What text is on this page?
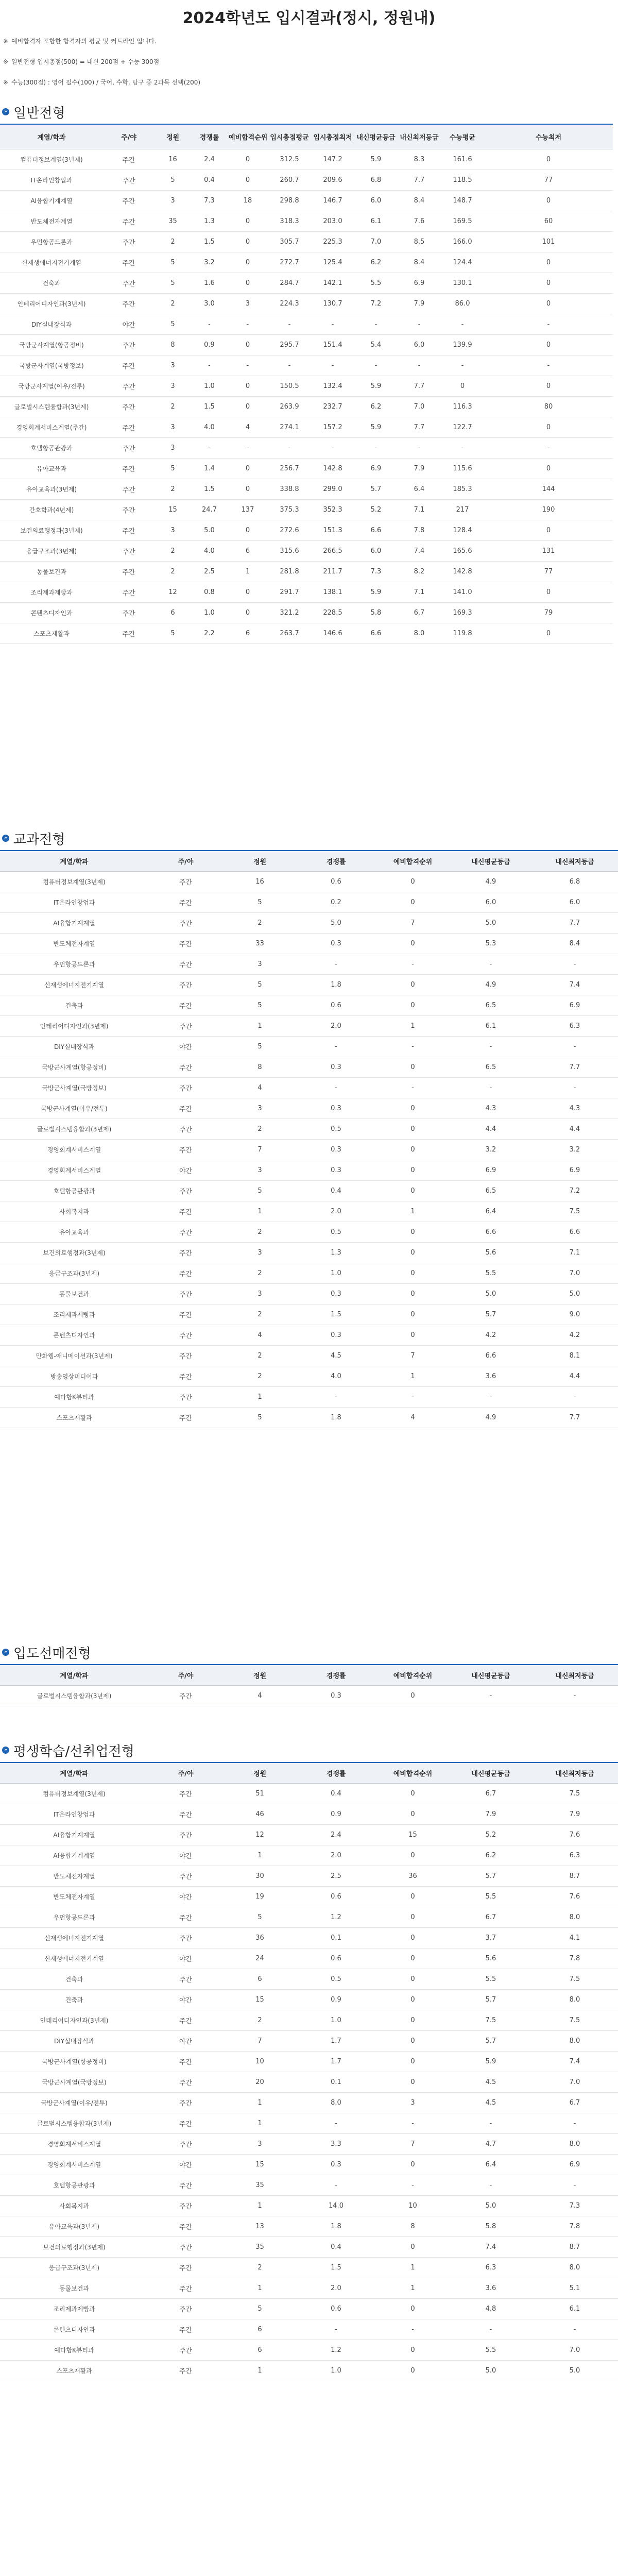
2024학년도 입시결과(정시, 정원내)
※ 예비합격자 포함한 합격자의 평균 및 커트라인 입니다.
※ 일반전형 입시총점(500) = 내신 200점 + 수능 300점
※ 수능(300점) : 영어 필수(100) / 국어, 수학, 탐구 중 2과목 선택(200)
» 일반전형
계열/학과	주/야	정원	경쟁률	예비합격순위	입시총점평균	입시총점최저	내신평균등급	내신최저등급	수능평균	수능최저
컴퓨터정보계열(3년제)	주간	16	2.4	0	312.5	147.2	5.9	8.3	161.6	0
IT온라인창업과	주간	5	0.4	0	260.7	209.6	6.8	7.7	118.5	77
AI융합기계계열	주간	3	7.3	18	298.8	146.7	6.0	8.4	148.7	0
반도체전자계열	주간	35	1.3	0	318.3	203.0	6.1	7.6	169.5	60
우먼항공드론과	주간	2	1.5	0	305.7	225.3	7.0	8.5	166.0	101
신재생에너지전기계열	주간	5	3.2	0	272.7	125.4	6.2	8.4	124.4	0
건축과	주간	5	1.6	0	284.7	142.1	5.5	6.9	130.1	0
인테리어디자인과(3년제)	주간	2	3.0	3	224.3	130.7	7.2	7.9	86.0	0
DIY실내장식과	야간	5	-	-	-	-	-	-	-	-
국방군사계열(항공정비)	주간	8	0.9	0	295.7	151.4	5.4	6.0	139.9	0
국방군사계열(국방정보)	주간	3	-	-	-	-	-	-	-	-
국방군사계열(이우/전투)	주간	3	1.0	0	150.5	132.4	5.9	7.7	0	0
글로벌시스템융합과(3년제)	주간	2	1.5	0	263.9	232.7	6.2	7.0	116.3	80
경영회계서비스계열(주간)	주간	3	4.0	4	274.1	157.2	5.9	7.7	122.7	0
호텔항공관광과	주간	3	-	-	-	-	-	-	-	-
유아교육과	주간	5	1.4	0	256.7	142.8	6.9	7.9	115.6	0
유아교육과(3년제)	주간	2	1.5	0	338.8	299.0	5.7	6.4	185.3	144
간호학과(4년제)	주간	15	24.7	137	375.3	352.3	5.2	7.1	217	190
보건의료행정과(3년제)	주간	3	5.0	0	272.6	151.3	6.6	7.8	128.4	0
응급구조과(3년제)	주간	2	4.0	6	315.6	266.5	6.0	7.4	165.6	131
동물보건과	주간	2	2.5	1	281.8	211.7	7.3	8.2	142.8	77
조리제과제빵과	주간	12	0.8	0	291.7	138.1	5.9	7.1	141.0	0
콘텐츠디자인과	주간	6	1.0	0	321.2	228.5	5.8	6.7	169.3	79
스포츠재활과	주간	5	2.2	6	263.7	146.6	6.6	8.0	119.8	0
» 교과전형
계열/학과	주/야	정원	경쟁률	예비합격순위	내신평균등급	내신최저등급
컴퓨터정보계열(3년제)	주간	16	0.6	0	4.9	6.8
IT온라인창업과	주간	5	0.2	0	6.0	6.0
AI융합기계계열	주간	2	5.0	7	5.0	7.7
반도체전자계열	주간	33	0.3	0	5.3	8.4
우먼항공드론과	주간	3	-	-	-	-
신재생에너지전기계열	주간	5	1.8	0	4.9	7.4
건축과	주간	5	0.6	0	6.5	6.9
인테리어디자인과(3년제)	주간	1	2.0	1	6.1	6.3
DIY실내장식과	야간	5	-	-	-	-
국방군사계열(항공정비)	주간	8	0.3	0	6.5	7.7
국방군사계열(국방정보)	주간	4	-	-	-	-
국방군사계열(이우/전투)	주간	3	0.3	0	4.3	4.3
글로벌시스템융합과(3년제)	주간	2	0.5	0	4.4	4.4
경영회계서비스계열	주간	7	0.3	0	3.2	3.2
경영회계서비스계열	야간	3	0.3	0	6.9	6.9
호텔항공관광과	주간	5	0.4	0	6.5	7.2
사회복지과	주간	1	2.0	1	6.4	7.5
유아교육과	주간	2	0.5	0	6.6	6.6
보건의료행정과(3년제)	주간	3	1.3	0	5.6	7.1
응급구조과(3년제)	주간	2	1.0	0	5.5	7.0
동물보건과	주간	3	0.3	0	5.0	5.0
조리제과제빵과	주간	2	1.5	0	5.7	9.0
콘텐츠디자인과	주간	4	0.3	0	4.2	4.2
만화웹-애니메이션과(3년제)	주간	2	4.5	7	6.6	8.1
방송영상미디어과	주간	2	4.0	1	3.6	4.4
예다함K뷰티과	주간	1	-	-	-	-
스포츠재활과	주간	5	1.8	4	4.9	7.7
» 입도선매전형
계열/학과	주/야	정원	경쟁률	예비합격순위	내신평균등급	내신최저등급
글로벌시스템융합과(3년제)	주간	4	0.3	0	-	-
» 평생학습/선취업전형
계열/학과	주/야	정원	경쟁률	예비합격순위	내신평균등급	내신최저등급
컴퓨터정보계열(3년제)	주간	51	0.4	0	6.7	7.5
IT온라인창업과	주간	46	0.9	0	7.9	7.9
AI융합기계계열	주간	12	2.4	15	5.2	7.6
AI융합기계계열	야간	1	2.0	0	6.2	6.3
반도체전자계열	주간	30	2.5	36	5.7	8.7
반도체전자계열	야간	19	0.6	0	5.5	7.6
우먼항공드론과	주간	5	1.2	0	6.7	8.0
신재생에너지전기계열	주간	36	0.1	0	3.7	4.1
신재생에너지전기계열	야간	24	0.6	0	5.6	7.8
건축과	주간	6	0.5	0	5.5	7.5
건축과	야간	15	0.9	0	5.7	8.0
인테리어디자인과(3년제)	주간	2	1.0	0	7.5	7.5
DIY실내장식과	야간	7	1.7	0	5.7	8.0
국방군사계열(항공정비)	주간	10	1.7	0	5.9	7.4
국방군사계열(국방정보)	주간	20	0.1	0	4.5	7.0
국방군사계열(이우/전투)	주간	1	8.0	3	4.5	6.7
글로벌시스템융합과(3년제)	주간	1	-	-	-	-
경영회계서비스계열	주간	3	3.3	7	4.7	8.0
경영회계서비스계열	야간	15	0.3	0	6.4	6.9
호텔항공관광과	주간	35	-	-	-	-
사회복지과	주간	1	14.0	10	5.0	7.3
유아교육과(3년제)	주간	13	1.8	8	5.8	7.8
보건의료행정과(3년제)	주간	35	0.4	0	7.4	8.7
응급구조과(3년제)	주간	2	1.5	1	6.3	8.0
동물보건과	주간	1	2.0	1	3.6	5.1
조리제과제빵과	주간	5	0.6	0	4.8	6.1
콘텐츠디자인과	주간	6	-	-	-	-
예다함K뷰티과	주간	6	1.2	0	5.5	7.0
스포츠재활과	주간	1	1.0	0	5.0	5.0
